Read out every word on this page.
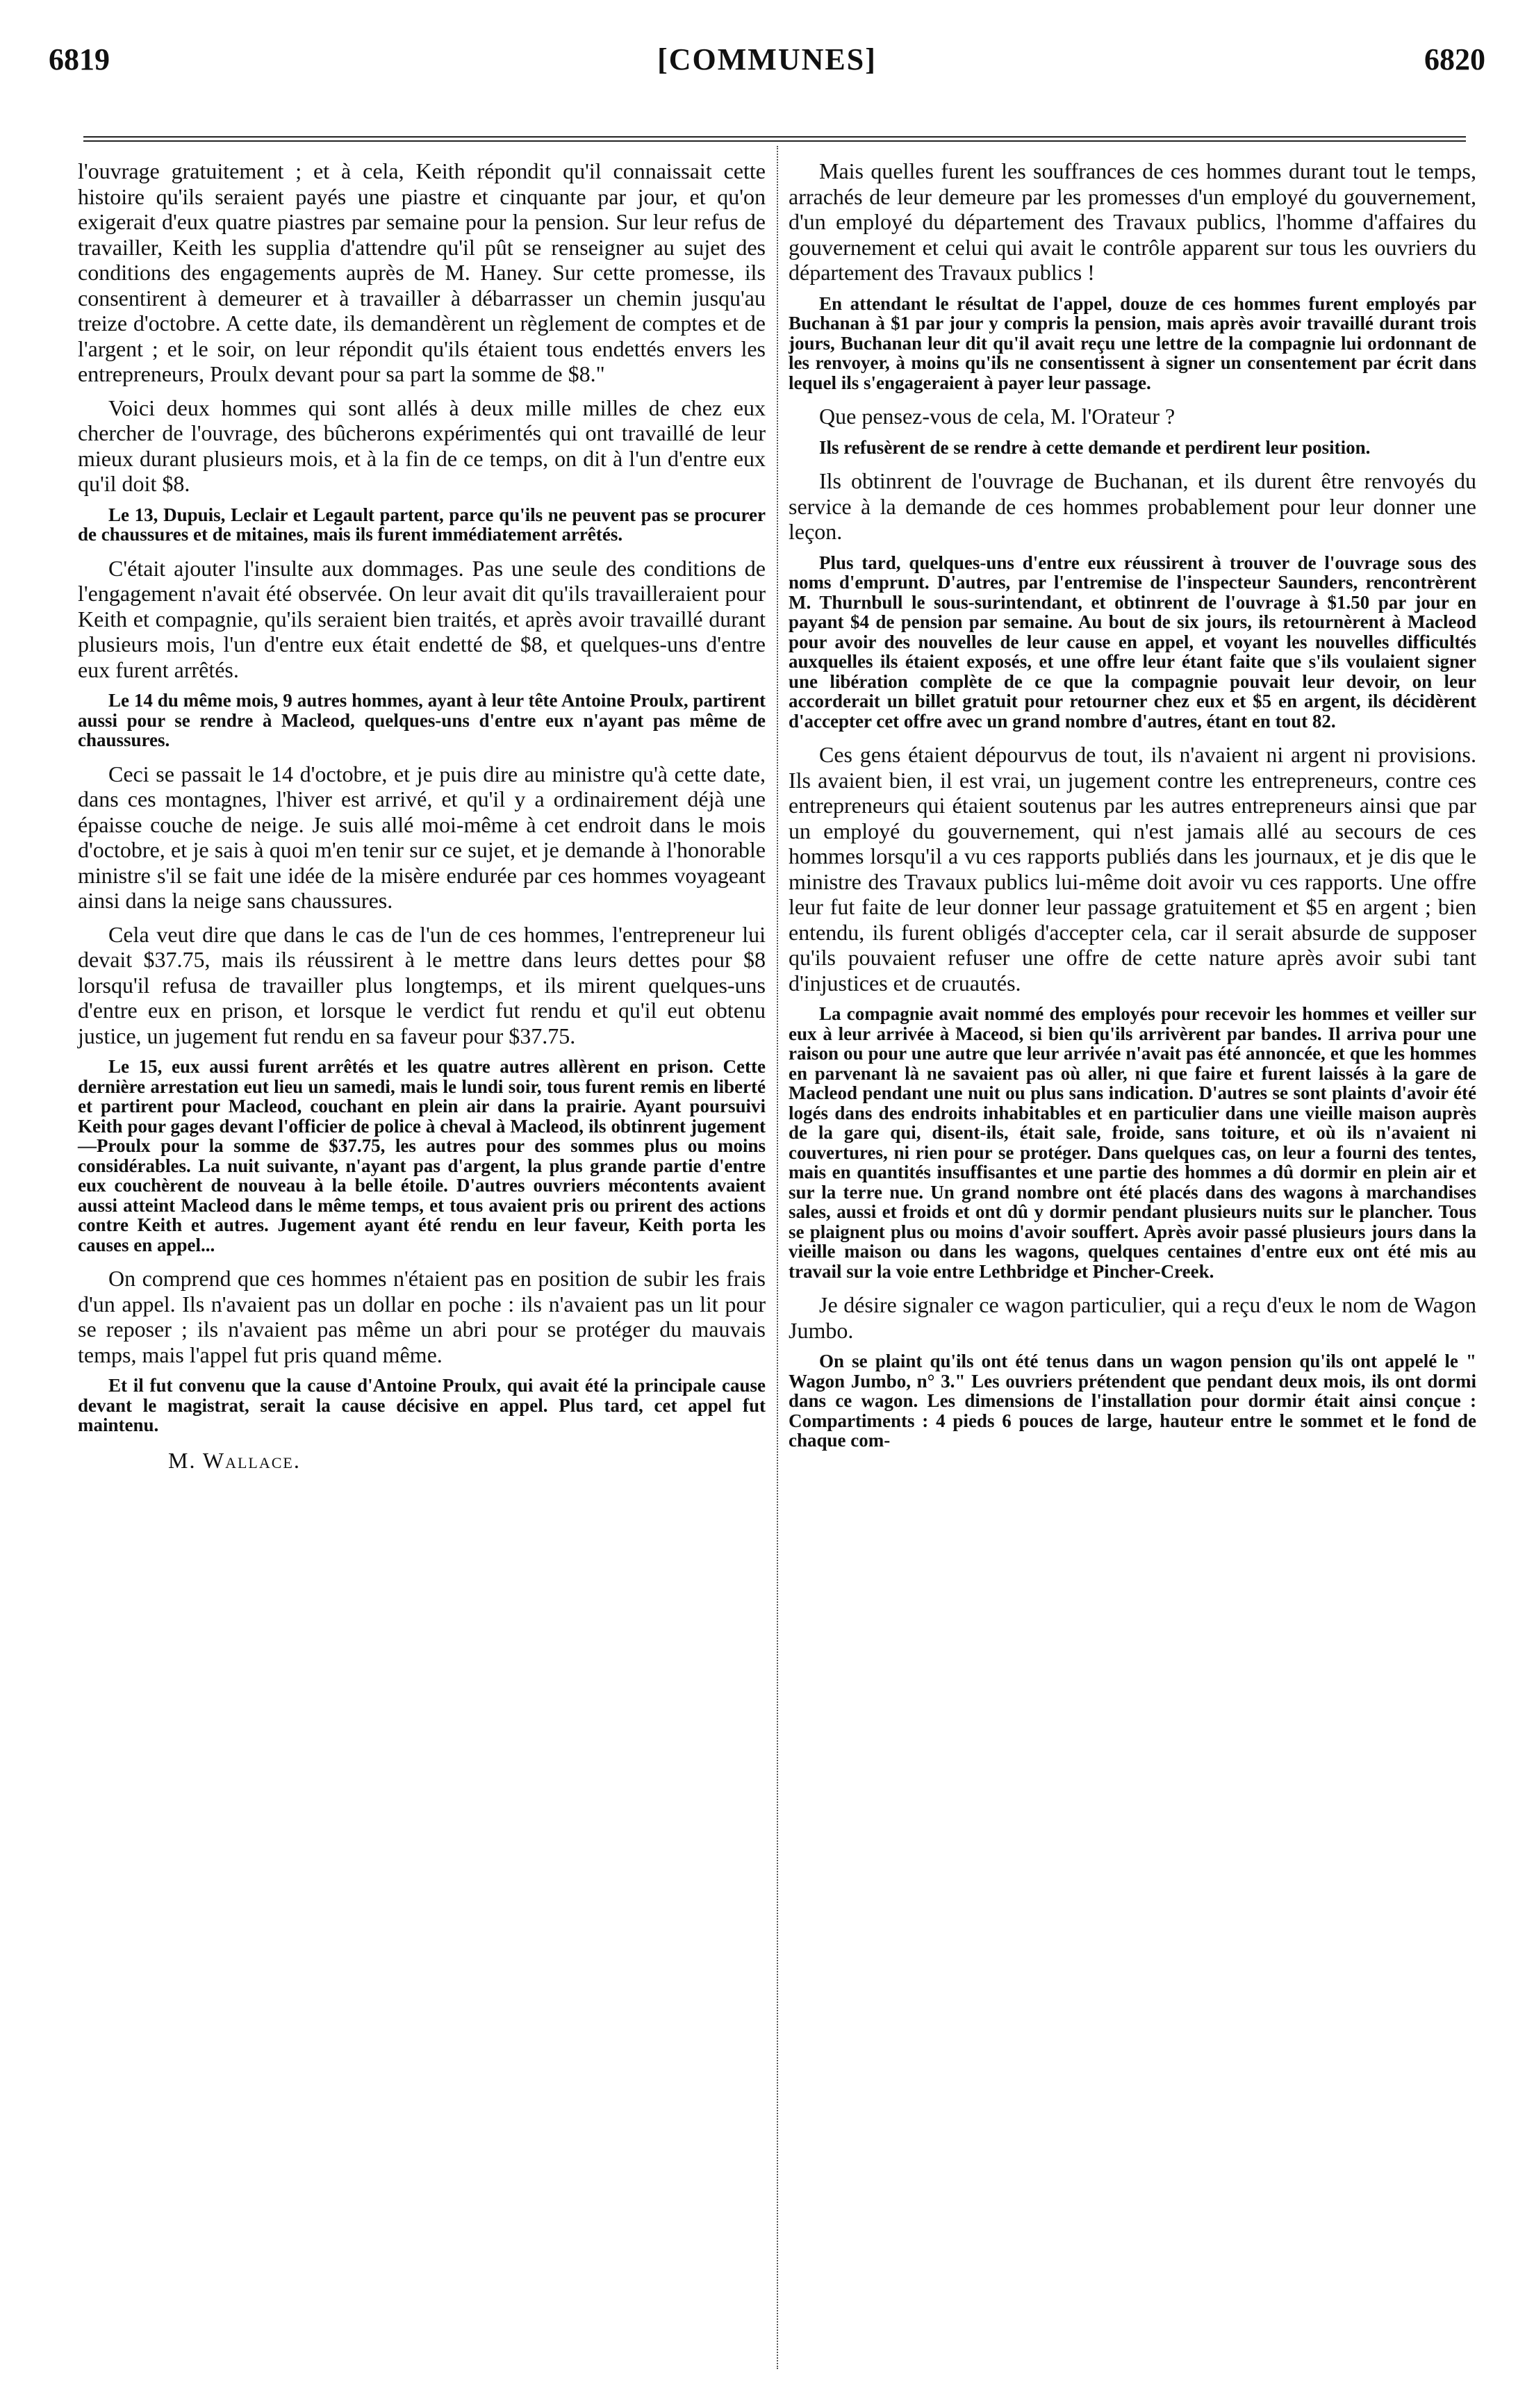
6819	[COMMUNES]	6820

l'ouvrage gratuitement ; et à cela, Keith répondit qu'il connaissait cette histoire qu'ils seraient payés une piastre et cinquante par jour, et qu'on exigerait d'eux quatre piastres par semaine pour la pension. Sur leur refus de travailler, Keith les supplia d'attendre qu'il pût se renseigner au sujet des conditions des engagements auprès de M. Haney. Sur cette promesse, ils consentirent à demeurer et à travailler à débarrasser un chemin jusqu'au treize d'octobre. A cette date, ils demandèrent un règlement de comptes et de l'argent ; et le soir, on leur répondit qu'ils étaient tous endettés envers les entrepreneurs, Proulx devant pour sa part la somme de $8."

Voici deux hommes qui sont allés à deux mille milles de chez eux chercher de l'ouvrage, des bûcherons expérimentés qui ont travaillé de leur mieux durant plusieurs mois, et à la fin de ce temps, on dit à l'un d'entre eux qu'il doit $8.

Le 13, Dupuis, Leclair et Legault partent, parce qu'ils ne peuvent pas se procurer de chaussures et de mitaines, mais ils furent immédiatement arrêtés.

C'était ajouter l'insulte aux dommages. Pas une seule des conditions de l'engagement n'avait été observée. On leur avait dit qu'ils travailleraient pour Keith et compagnie, qu'ils seraient bien traités, et après avoir travaillé durant plusieurs mois, l'un d'entre eux était endetté de $8, et quelques-uns d'entre eux furent arrêtés.

Le 14 du même mois, 9 autres hommes, ayant à leur tête Antoine Proulx, partirent aussi pour se rendre à Macleod, quelques-uns d'entre eux n'ayant pas même de chaussures.

Ceci se passait le 14 d'octobre, et je puis dire au ministre qu'à cette date, dans ces montagnes, l'hiver est arrivé, et qu'il y a ordinairement déjà une épaisse couche de neige. Je suis allé moi-même à cet endroit dans le mois d'octobre, et je sais à quoi m'en tenir sur ce sujet, et je demande à l'honorable ministre s'il se fait une idée de la misère endurée par ces hommes voyageant ainsi dans la neige sans chaussures.

Cela veut dire que dans le cas de l'un de ces hommes, l'entrepreneur lui devait $37.75, mais ils réussirent à le mettre dans leurs dettes pour $8 lorsqu'il refusa de travailler plus longtemps, et ils mirent quelques-uns d'entre eux en prison, et lorsque le verdict fut rendu et qu'il eut obtenu justice, un jugement fut rendu en sa faveur pour $37.75.

Le 15, eux aussi furent arrêtés et les quatre autres allèrent en prison. Cette dernière arrestation eut lieu un samedi, mais le lundi soir, tous furent remis en liberté et partirent pour Macleod, couchant en plein air dans la prairie. Ayant poursuivi Keith pour gages devant l'officier de police à cheval à Macleod, ils obtinrent jugement—Proulx pour la somme de $37.75, les autres pour des sommes plus ou moins considérables. La nuit suivante, n'ayant pas d'argent, la plus grande partie d'entre eux couchèrent de nouveau à la belle étoile. D'autres ouvriers mécontents avaient aussi atteint Macleod dans le même temps, et tous avaient pris ou prirent des actions contre Keith et autres. Jugement ayant été rendu en leur faveur, Keith porta les causes en appel...

On comprend que ces hommes n'étaient pas en position de subir les frais d'un appel. Ils n'avaient pas un dollar en poche : ils n'avaient pas un lit pour se reposer ; ils n'avaient pas même un abri pour se protéger du mauvais temps, mais l'appel fut pris quand même.

Et il fut convenu que la cause d'Antoine Proulx, qui avait été la principale cause devant le magistrat, serait la cause décisive en appel. Plus tard, cet appel fut maintenu.

M. Wallace.

Mais quelles furent les souffrances de ces hommes durant tout le temps, arrachés de leur demeure par les promesses d'un employé du gouvernement, d'un employé du département des Travaux publics, l'homme d'affaires du gouvernement et celui qui avait le contrôle apparent sur tous les ouvriers du département des Travaux publics !

En attendant le résultat de l'appel, douze de ces hommes furent employés par Buchanan à $1 par jour y compris la pension, mais après avoir travaillé durant trois jours, Buchanan leur dit qu'il avait reçu une lettre de la compagnie lui ordonnant de les renvoyer, à moins qu'ils ne consentissent à signer un consentement par écrit dans lequel ils s'engageraient à payer leur passage.

Que pensez-vous de cela, M. l'Orateur ?

Ils refusèrent de se rendre à cette demande et perdirent leur position.

Ils obtinrent de l'ouvrage de Buchanan, et ils durent être renvoyés du service à la demande de ces hommes probablement pour leur donner une leçon.

Plus tard, quelques-uns d'entre eux réussirent à trouver de l'ouvrage sous des noms d'emprunt. D'autres, par l'entremise de l'inspecteur Saunders, rencontrèrent M. Thurnbull le sous-surintendant, et obtinrent de l'ouvrage à $1.50 par jour en payant $4 de pension par semaine. Au bout de six jours, ils retournèrent à Macleod pour avoir des nouvelles de leur cause en appel, et voyant les nouvelles difficultés auxquelles ils étaient exposés, et une offre leur étant faite que s'ils voulaient signer une libération complète de ce que la compagnie pouvait leur devoir, on leur accorderait un billet gratuit pour retourner chez eux et $5 en argent, ils décidèrent d'accepter cet offre avec un grand nombre d'autres, étant en tout 82.

Ces gens étaient dépourvus de tout, ils n'avaient ni argent ni provisions. Ils avaient bien, il est vrai, un jugement contre les entrepreneurs, contre ces entrepreneurs qui étaient soutenus par les autres entrepreneurs ainsi que par un employé du gouvernement, qui n'est jamais allé au secours de ces hommes lorsqu'il a vu ces rapports publiés dans les journaux, et je dis que le ministre des Travaux publics lui-même doit avoir vu ces rapports. Une offre leur fut faite de leur donner leur passage gratuitement et $5 en argent ; bien entendu, ils furent obligés d'accepter cela, car il serait absurde de supposer qu'ils pouvaient refuser une offre de cette nature après avoir subi tant d'injustices et de cruautés.

La compagnie avait nommé des employés pour recevoir les hommes et veiller sur eux à leur arrivée à Maceod, si bien qu'ils arrivèrent par bandes. Il arriva pour une raison ou pour une autre que leur arrivée n'avait pas été annoncée, et que les hommes en parvenant là ne savaient pas où aller, ni que faire et furent laissés à la gare de Macleod pendant une nuit ou plus sans indication. D'autres se sont plaints d'avoir été logés dans des endroits inhabitables et en particulier dans une vieille maison auprès de la gare qui, disent-ils, était sale, froide, sans toiture, et où ils n'avaient ni couvertures, ni rien pour se protéger. Dans quelques cas, on leur a fourni des tentes, mais en quantités insuffisantes et une partie des hommes a dû dormir en plein air et sur la terre nue. Un grand nombre ont été placés dans des wagons à marchandises sales, aussi et froids et ont dû y dormir pendant plusieurs nuits sur le plancher. Tous se plaignent plus ou moins d'avoir souffert. Après avoir passé plusieurs jours dans la vieille maison ou dans les wagons, quelques centaines d'entre eux ont été mis au travail sur la voie entre Lethbridge et Pincher-Creek.

Je désire signaler ce wagon particulier, qui a reçu d'eux le nom de Wagon Jumbo.

On se plaint qu'ils ont été tenus dans un wagon pension qu'ils ont appelé le " Wagon Jumbo, n° 3." Les ouvriers prétendent que pendant deux mois, ils ont dormi dans ce wagon. Les dimensions de l'installation pour dormir était ainsi conçue : Compartiments : 4 pieds 6 pouces de large, hauteur entre le sommet et le fond de chaque com-
